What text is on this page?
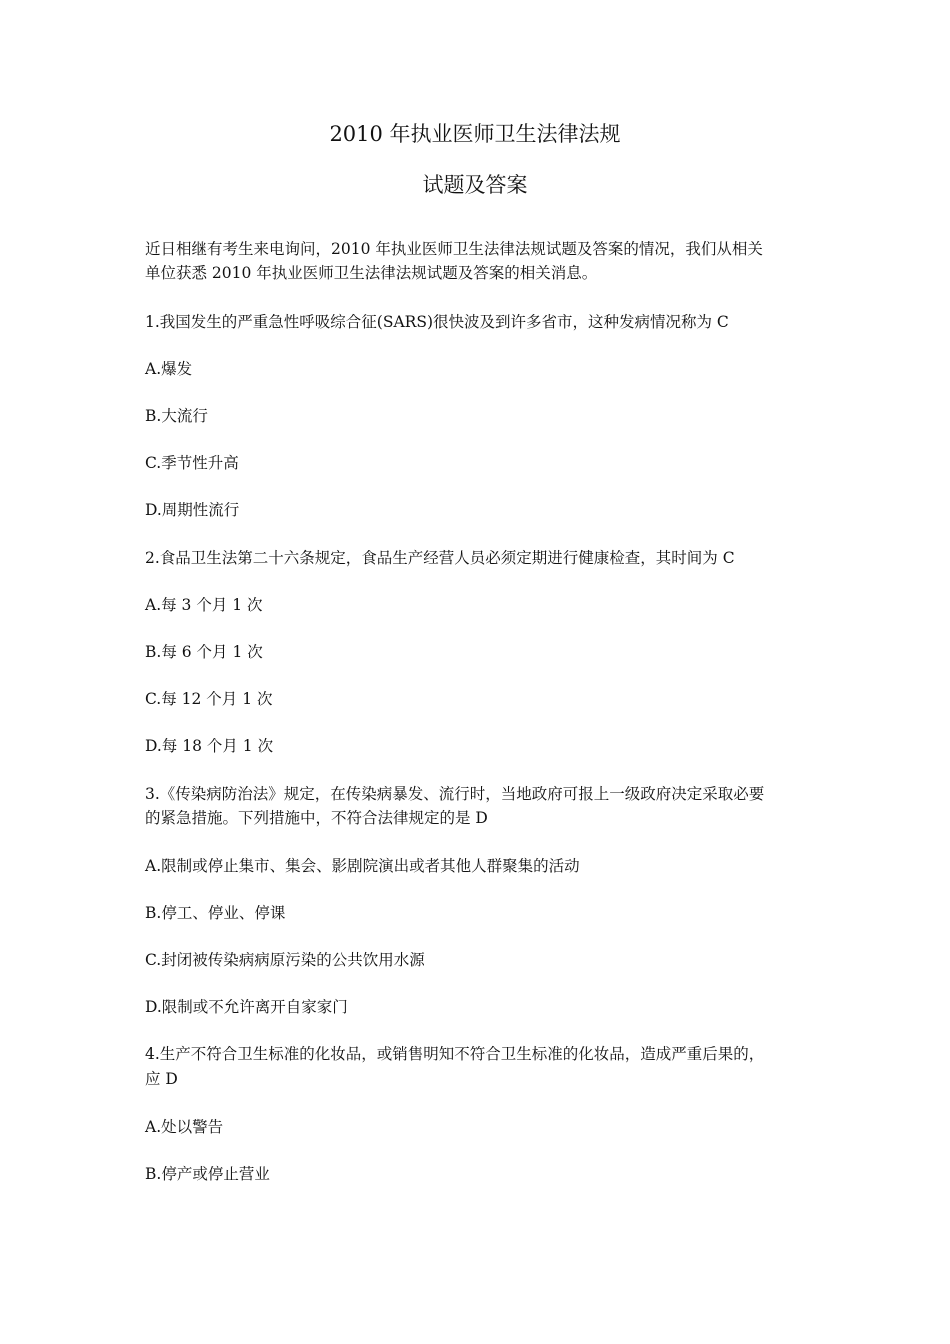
2010 年执业医师卫生法律法规
试题及答案
近日相继有考生来电询问，2010 年执业医师卫生法律法规试题及答案的情况，我们从相关
单位获悉 2010 年执业医师卫生法律法规试题及答案的相关消息。
1.我国发生的严重急性呼吸综合征(SARS)很快波及到许多省市，这种发病情况称为 C
A.爆发
B.大流行
C.季节性升高
D.周期性流行
2.食品卫生法第二十六条规定，食品生产经营人员必须定期进行健康检查，其时间为 C
A.每 3 个月 1 次
B.每 6 个月 1 次
C.每 12 个月 1 次
D.每 18 个月 1 次
3.《传染病防治法》规定，在传染病暴发、流行时，当地政府可报上一级政府决定采取必要
的紧急措施。下列措施中，不符合法律规定的是 D
A.限制或停止集市、集会、影剧院演出或者其他人群聚集的活动
B.停工、停业、停课
C.封闭被传染病病原污染的公共饮用水源
D.限制或不允许离开自家家门
4.生产不符合卫生标准的化妆品，或销售明知不符合卫生标准的化妆品，造成严重后果的，
应 D
A.处以警告
B.停产或停止营业
